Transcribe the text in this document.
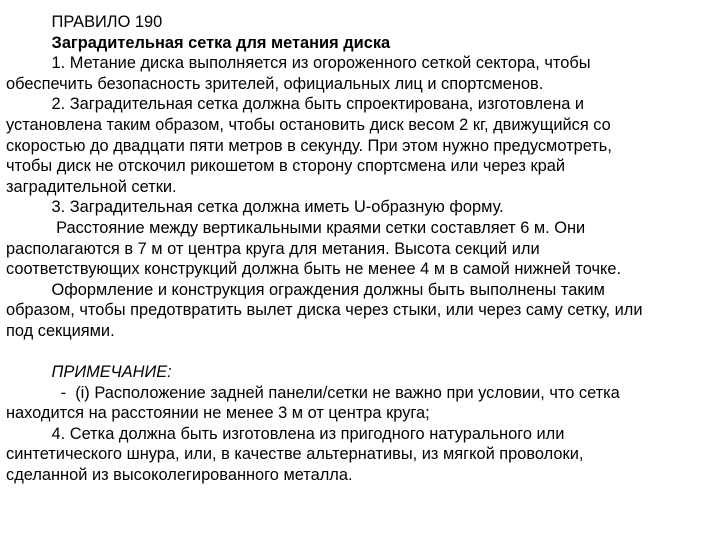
ПРАВИЛО 190
Заградительная сетка для метания диска
1. Метание диска выполняется из огороженного сеткой сектора, чтобы
обеспечить безопасность зрителей, официальных лиц и спортсменов.
2. Заградительная сетка должна быть спроектирована, изготовлена и
установлена таким образом, чтобы остановить диск весом 2 кг, движущийся со
скоростью до двадцати пяти метров в секунду. При этом нужно предусмотреть,
чтобы диск не отскочил рикошетом в сторону спортсмена или через край
заградительной сетки.
3. Заградительная сетка должна иметь U-образную форму.
Расстояние между вертикальными краями сетки составляет 6 м. Они
располагаются в 7 м от центра круга для метания. Высота секций или
соответствующих конструкций должна быть не менее 4 м в самой нижней точке.
Оформление и конструкция ограждения должны быть выполнены таким
образом, чтобы предотвратить вылет диска через стыки, или через саму сетку, или
под секциями.
ПРИМЕЧАНИЕ:
-  (i) Расположение задней панели/сетки не важно при условии, что сетка
находится на расстоянии не менее 3 м от центра круга;
4. Сетка должна быть изготовлена из пригодного натурального или
синтетического шнура, или, в качестве альтернативы, из мягкой проволоки,
сделанной из высоколегированного металла.
